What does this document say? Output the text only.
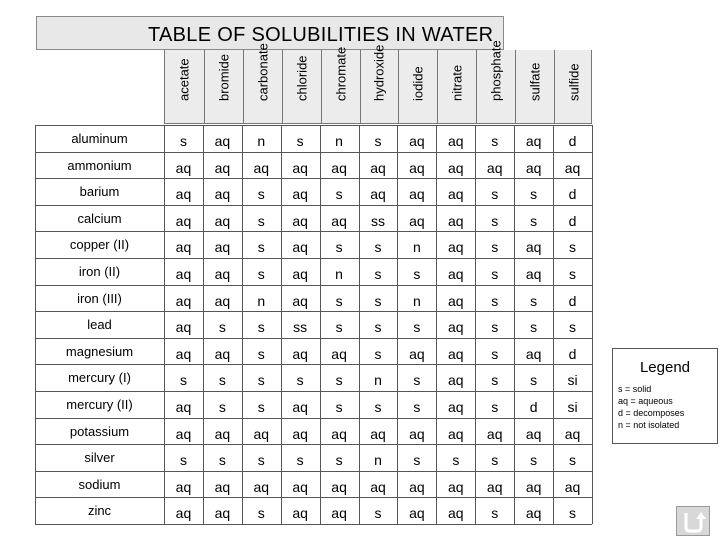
TABLE OF SOLUBILITIES IN WATER
acetate bromide carbonate chloride chromate hydroxide iodide nitrate phosphate sulfate sulfide
aluminum	s	aq	n	s	n	s	aq	aq	s	aq	d
ammonium	aq	aq	aq	aq	aq	aq	aq	aq	aq	aq	aq
barium	aq	aq	s	aq	s	aq	aq	aq	s	s	d
calcium	aq	aq	s	aq	aq	ss	aq	aq	s	s	d
copper (II)	aq	aq	s	aq	s	s	n	aq	s	aq	s
iron (II)	aq	aq	s	aq	n	s	s	aq	s	aq	s
iron (III)	aq	aq	n	aq	s	s	n	aq	s	s	d
lead	aq	s	s	ss	s	s	s	aq	s	s	s
magnesium	aq	aq	s	aq	aq	s	aq	aq	s	aq	d
mercury (I)	s	s	s	s	s	n	s	aq	s	s	si
mercury (II)	aq	s	s	aq	s	s	s	aq	s	d	si
potassium	aq	aq	aq	aq	aq	aq	aq	aq	aq	aq	aq
silver	s	s	s	s	s	n	s	s	s	s	s
sodium	aq	aq	aq	aq	aq	aq	aq	aq	aq	aq	aq
zinc	aq	aq	s	aq	aq	s	aq	aq	s	aq	s
Legend
s = solid
aq = aqueous
d = decomposes
n = not isolated
